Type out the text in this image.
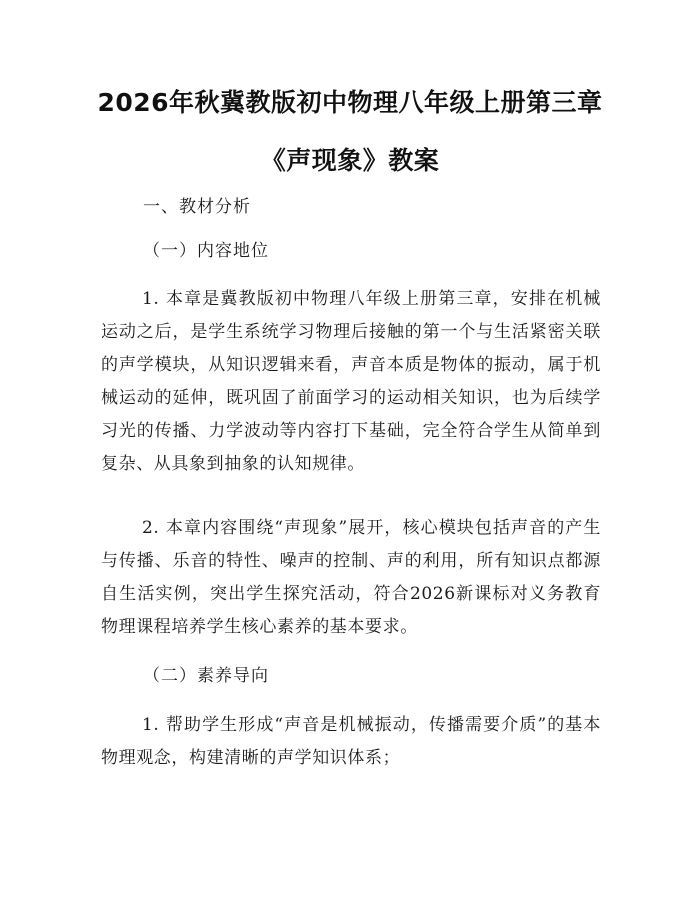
2026年秋冀教版初中物理八年级上册第三章
《声现象》教案
一、教材分析
（一）内容地位
1. 本章是冀教版初中物理八年级上册第三章，安排在机械运动之后，是学生系统学习物理后接触的第一个与生活紧密关联的声学模块，从知识逻辑来看，声音本质是物体的振动，属于机械运动的延伸，既巩固了前面学习的运动相关知识，也为后续学习光的传播、力学波动等内容打下基础，完全符合学生从简单到复杂、从具象到抽象的认知规律。
2. 本章内容围绕“声现象”展开，核心模块包括声音的产生与传播、乐音的特性、噪声的控制、声的利用，所有知识点都源自生活实例，突出学生探究活动，符合2026新课标对义务教育物理课程培养学生核心素养的基本要求。
（二）素养导向
1. 帮助学生形成“声音是机械振动，传播需要介质”的基本物理观念，构建清晰的声学知识体系；
